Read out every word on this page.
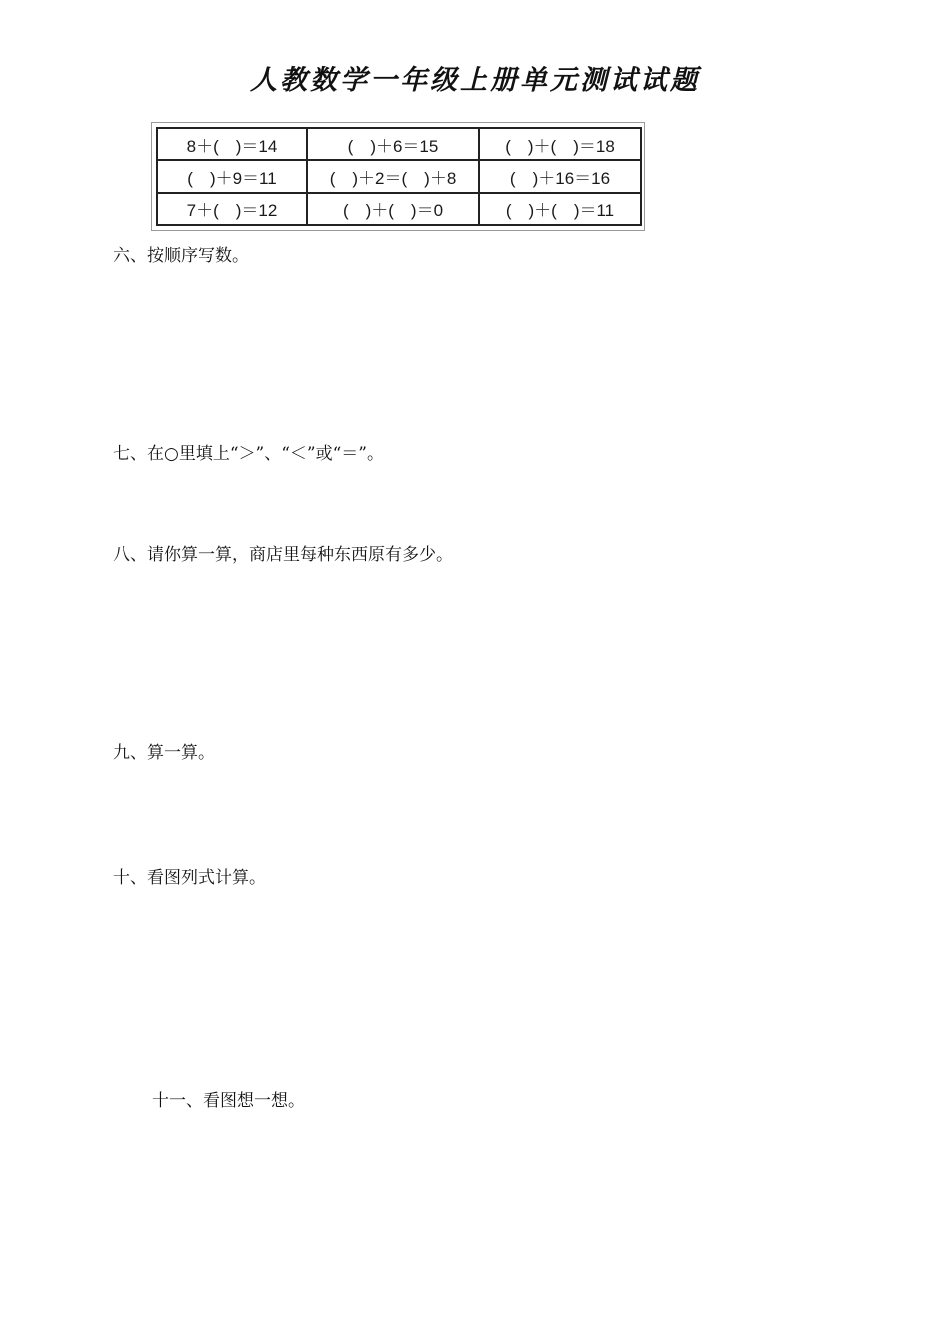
人教数学一年级上册单元测试试题
8＋(　)＝14	(　)＋6＝15	(　)＋(　)＝18
(　)＋9＝11	(　)＋2＝(　)＋8	(　)＋16＝16
7＋(　)＝12	(　)＋(　)＝0	(　)＋(　)＝11
六、按顺序写数。
七、在○里填上“＞”、“＜”或“＝”。
八、请你算一算，商店里每种东西原有多少。
九、算一算。
十、看图列式计算。
十一、看图想一想。
